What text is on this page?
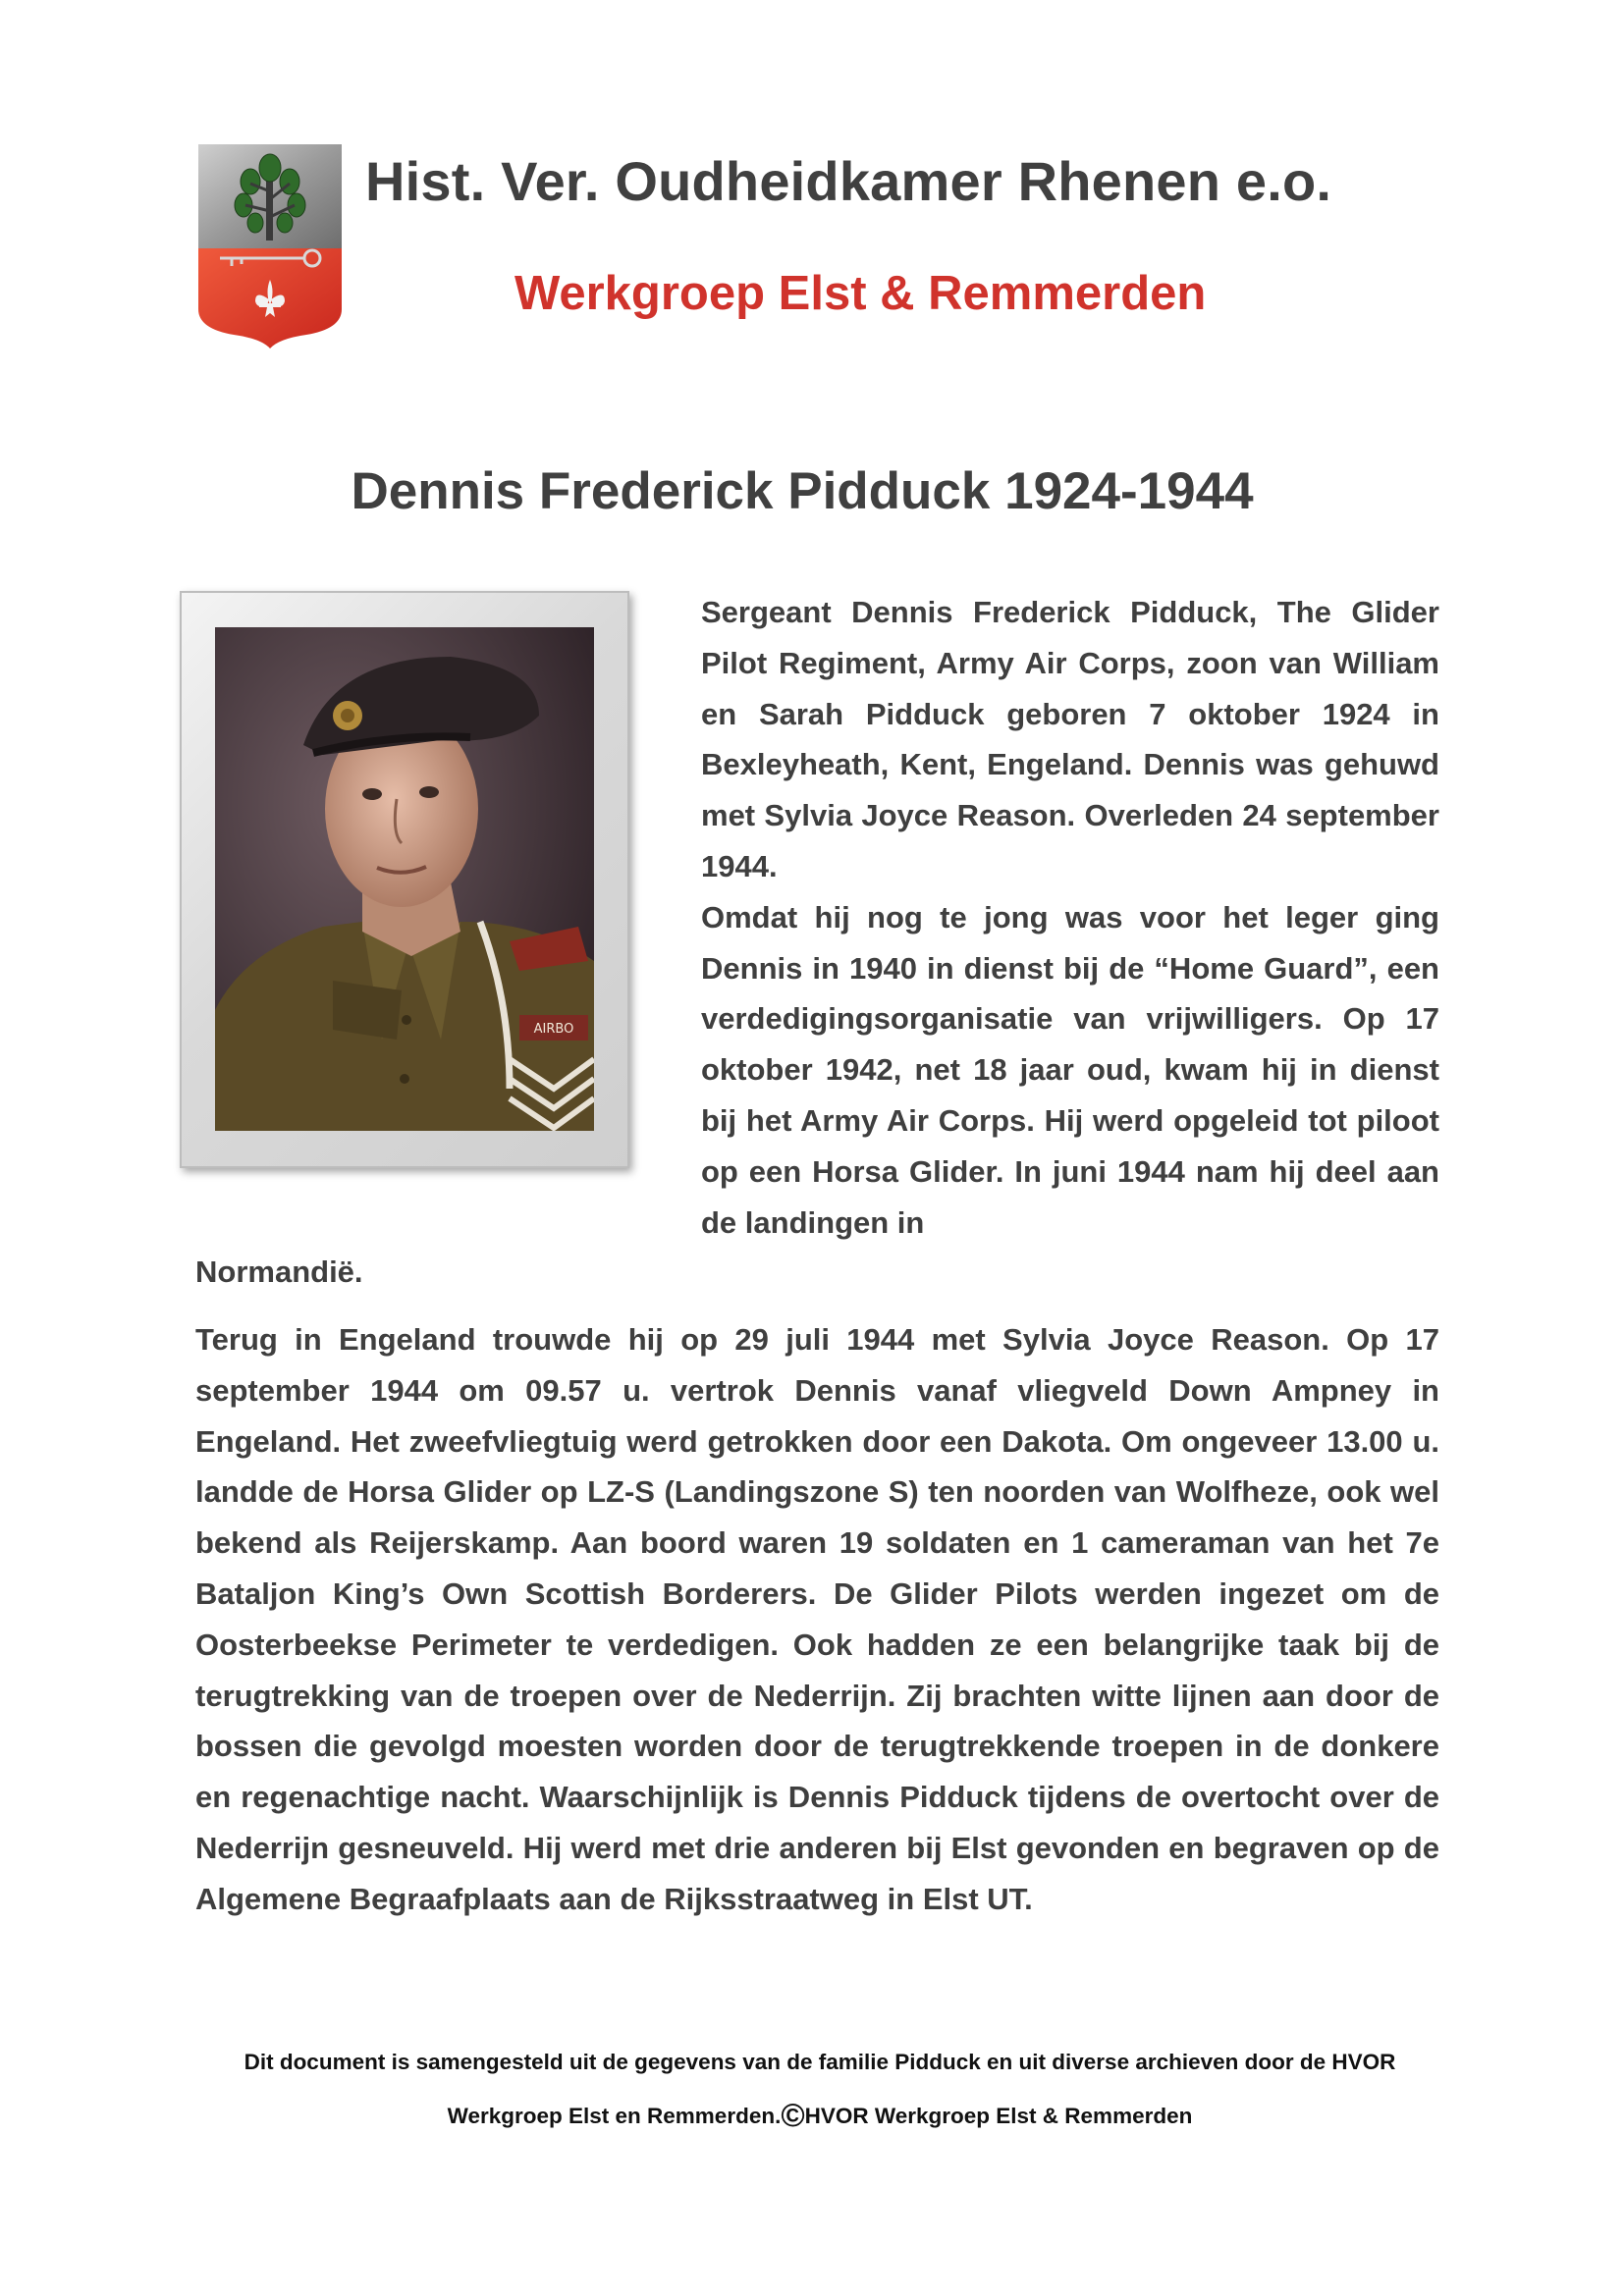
Hist. Ver. Oudheidkamer Rhenen e.o.
Werkgroep Elst & Remmerden
Dennis Frederick Pidduck 1924-1944
AIRBO

Sergeant Dennis Frederick Pidduck, The Glider Pilot Regiment, Army Air Corps, zoon van William en Sarah Pidduck geboren 7 oktober 1924 in Bexleyheath, Kent, Engeland. Dennis was gehuwd met Sylvia Joyce Reason. Overleden 24 september 1944.

Omdat hij nog te jong was voor het leger ging Dennis in 1940 in dienst bij de “Home Guard”, een verdedigingsorganisatie van vrijwilligers. Op 17 oktober 1942, net 18 jaar oud, kwam hij in dienst bij het Army Air Corps. Hij werd opgeleid tot piloot op een Horsa Glider. In juni 1944 nam hij deel aan de landingen in

Normandië.

Terug in Engeland trouwde hij op 29 juli 1944 met Sylvia Joyce Reason. Op 17 september 1944 om 09.57 u. vertrok Dennis vanaf vliegveld Down Ampney in Engeland. Het zweefvliegtuig werd getrokken door een Dakota. Om ongeveer 13.00 u. landde de Horsa Glider op LZ-S (Landingszone S) ten noorden van Wolfheze, ook wel bekend als Reijerskamp. Aan boord waren 19 soldaten en 1 cameraman van het 7e Bataljon King’s Own Scottish Borderers. De Glider Pilots werden ingezet om de Oosterbeekse Perimeter te verdedigen. Ook hadden ze een belangrijke taak bij de terugtrekking van de troepen over de Nederrijn. Zij brachten witte lijnen aan door de bossen die gevolgd moesten worden door de terugtrekkende troepen in de donkere en regenachtige nacht. Waarschijnlijk is Dennis Pidduck tijdens de overtocht over de Nederrijn gesneuveld. Hij werd met drie anderen bij Elst gevonden en begraven op de Algemene Begraafplaats aan de Rijksstraatweg in Elst UT.

Dit document is samengesteld uit de gegevens van de familie Pidduck en uit diverse archieven door de HVOR
Werkgroep Elst en Remmerden.©HVOR Werkgroep Elst & Remmerden
